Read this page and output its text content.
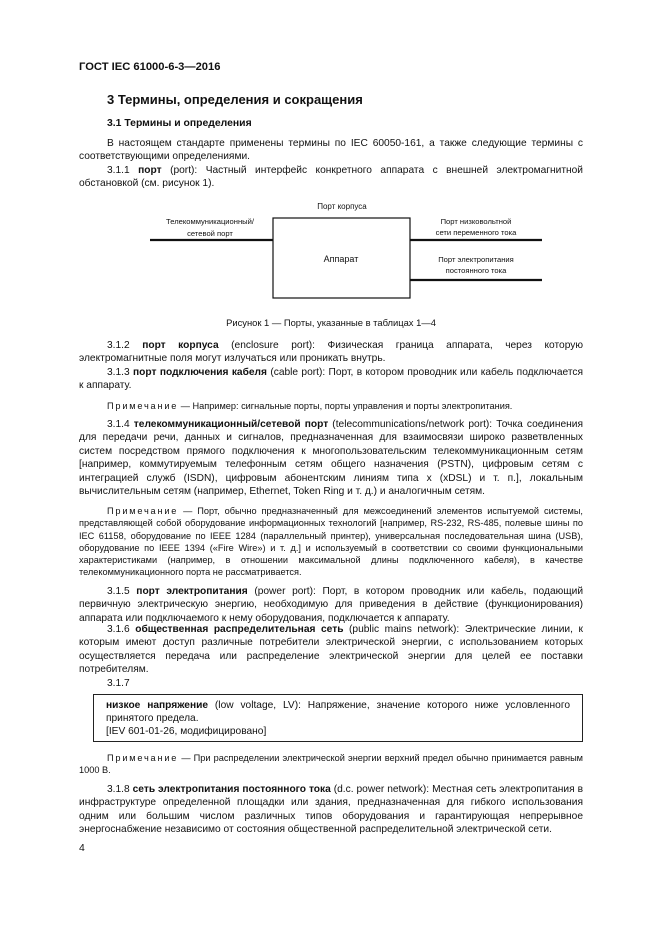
ГОСТ IEC 61000-6-3—2016
3 Термины, определения и сокращения
3.1 Термины и определения

В настоящем стандарте применены термины по IEC 60050-161, а также следующие термины с соответствующими определениями.

3.1.1 порт (port): Частный интерфейс конкретного аппарата с внешней электромагнитной обстановкой (см. рисунок 1).

Порт корпуса
Аппарат
Телекоммуникационный/
сетевой порт
Порт низковольтной
сети переменного тока
Порт электропитания
постоянного тока
Рисунок 1 — Порты, указанные в таблицах 1—4

3.1.2 порт корпуса (enclosure port): Физическая граница аппарата, через которую электромагнитные поля могут излучаться или проникать внутрь.

3.1.3 порт подключения кабеля (cable port): Порт, в котором проводник или кабель подключается к аппарату.

Примечание — Например: сигнальные порты, порты управления и порты электропитания.

3.1.4 телекоммуникационный/сетевой порт (telecommunications/network port): Точка соединения для передачи речи, данных и сигналов, предназначенная для взаимосвязи широко разветвленных систем посредством прямого подключения к многопользовательским телекоммуникационным сетям [например, коммутируемым телефонным сетям общего назначения (PSTN), цифровым сетям с интеграцией служб (ISDN), цифровым абонентским линиям типа x (xDSL) и т. п.], локальным вычислительным сетям (например, Ethernet, Token Ring и т. д.) и аналогичным сетям.

Примечание — Порт, обычно предназначенный для межсоединений элементов испытуемой системы, представляющей собой оборудование информационных технологий [например, RS-232, RS-485, полевые шины по IEC 61158, оборудование по IEEE 1284 (параллельный принтер), универсальная последовательная шина (USB), оборудование по IEEE 1394 («Fire Wire») и т. д.] и используемый в соответствии со своими функциональными характеристиками (например, в отношении максимальной длины подключенного кабеля), в качестве телекоммуникационного порта не рассматривается.

3.1.5 порт электропитания (power port): Порт, в котором проводник или кабель, подающий первичную электрическую энергию, необходимую для приведения в действие (функционирования) аппарата или подключаемого к нему оборудования, подключается к аппарату.

3.1.6 общественная распределительная сеть (public mains network): Электрические линии, к которым имеют доступ различные потребители электрической энергии, с использованием которых осуществляется передача или распределение электрической энергии для целей ее поставки потребителям.

3.1.7

низкое напряжение (low voltage, LV): Напряжение, значение которого ниже условленного принятого предела.

[IEV 601-01-26, модифицировано]

Примечание — При распределении электрической энергии верхний предел обычно принимается равным 1000 В.

3.1.8 сеть электропитания постоянного тока (d.c. power network): Местная сеть электропитания в инфраструктуре определенной площадки или здания, предназначенная для гибкого использования одним или большим числом различных типов оборудования и гарантирующая непрерывное энергоснабжение независимо от состояния общественной распределительной электрической сети.

4
